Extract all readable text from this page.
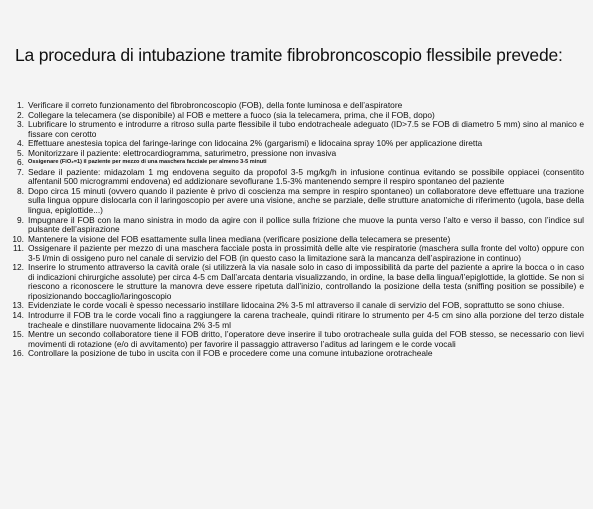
La procedura di intubazione tramite fibrobroncoscopio flessibile prevede:
1. Verificare il correto funzionamento del fibrobroncoscopio (FOB), della fonte luminosa e dell’aspiratore
2. Collegare la telecamera (se disponibile) al FOB e mettere a fuoco (sia la telecamera, prima, che il FOB, dopo)
3. Lubrificare lo strumento e introdurre a ritroso sulla parte flessibile il tubo endotracheale adeguato (ID>7.5 se FOB di diametro 5 mm) sino al manico e fissare con cerotto
4. Effettuare anestesia topica del faringe-laringe con lidocaina 2% (gargarismi) e lidocaina spray 10% per applicazione diretta
5. Monitorizzare il paziente: elettrocardiogramma, saturimetro, pressione non invasiva
6. Ossigenare (FiO₂=1) il paziente per mezzo di una maschera facciale per almeno 3-5 minuti
7. Sedare il paziente: midazolam 1 mg endovena seguito da propofol 3-5 mg/kg/h in infusione continua evitando se possibile oppiacei (consentito alfentanil 500 microgrammi endovena) ed addizionare sevoflurane 1.5-3% mantenendo sempre il respiro spontaneo del paziente
8. Dopo circa 15 minuti (ovvero quando il paziente è privo di coscienza ma sempre in respiro spontaneo) un collaboratore deve effettuare una trazione sulla lingua oppure dislocarla con il laringoscopio per avere una visione, anche se parziale, delle strutture anatomiche di riferimento (ugola, base della lingua, epiglottide...)
9. Impugnare il FOB con la mano sinistra in modo da agire con il pollice sulla frizione che muove la punta verso l’alto e verso il basso, con l’indice sul pulsante dell’aspirazione
10. Mantenere la visione del FOB esattamente sulla linea mediana (verificare posizione della telecamera se presente)
11. Ossigenare il paziente per mezzo di una maschera facciale posta in prossimità delle alte vie respiratorie (maschera sulla fronte del volto) oppure con 3-5 l/min di ossigeno puro nel canale di servizio del FOB (in questo caso la limitazione sarà la mancanza dell’aspirazione in continuo)
12. Inserire lo strumento attraverso la cavità orale (si utilizzerà la via nasale solo in caso di impossibilità da parte del paziente a aprire la bocca o in caso di indicazioni chirurgiche assolute) per circa 4-5 cm Dall’arcata dentaria visualizzando, in ordine, la base della lingua/l’epiglottide, la glottide. Se non si riescono a riconoscere le strutture la manovra deve essere ripetuta dall’inizio, controllando la posizione della testa (sniffing position se possibile) e riposizionando boccaglio/laringoscopio
13. Evidenziate le corde vocali è spesso necessario instillare lidocaina 2% 3-5 ml attraverso il canale di servizio del FOB, soprattutto se sono chiuse.
14. Introdurre il FOB tra le corde vocali fino a raggiungere la carena tracheale, quindi ritirare lo strumento per 4-5 cm sino alla porzione del terzo distale tracheale e dinstillare nuovamente lidocaina 2% 3-5 ml
15. Mentre un secondo collaboratore tiene il FOB dritto, l’operatore deve inserire il tubo orotracheale sulla guida del FOB stesso, se necessario con lievi movimenti di rotazione (e/o di avvitamento) per favorire il passaggio attraverso l’aditus ad laringem e le corde vocali
16. Controllare la posizione de tubo in uscita con il FOB e procedere come una comune intubazione orotracheale
